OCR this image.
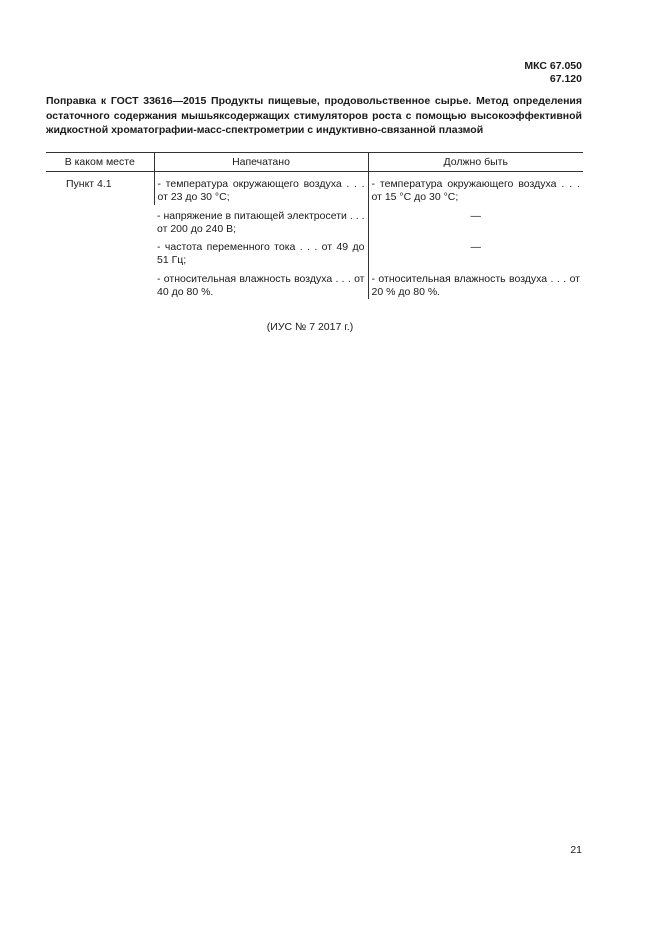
МКС 67.050
67.120
Поправка к ГОСТ 33616—2015 Продукты пищевые, продовольственное сырье. Метод определения остаточного содержания мышьяксодержащих стимуляторов роста с помощью высокоэффективной жидкостной хроматографии-масс-спектрометрии с индуктивно-связанной плазмой
В каком месте	Напечатано	Должно быть
Пункт 4.1	- температура окружающего воздуха . . . от 23 до 30 °С;	- температура окружающего воздуха . . . от 15 °С до 30 °С;
	- напряжение в питающей электросети . . . от 200 до 240 В;	—
	- частота переменного тока . . . от 49 до 51 Гц;	—
	- относительная влажность воздуха . . . от 40 до 80 %.	- относительная влажность воздуха . . . от 20 % до 80 %.
(ИУС № 7 2017 г.)
21
